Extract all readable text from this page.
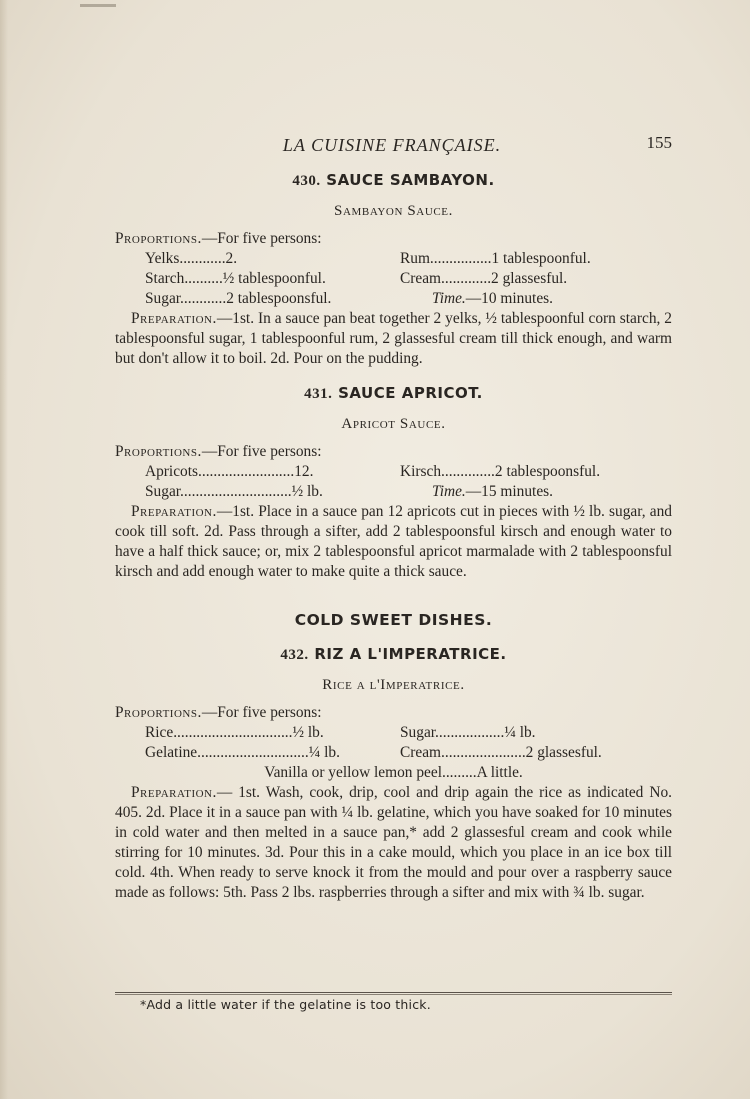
LA CUISINE FRANÇAISE.	155
430. SAUCE SAMBAYON.
Sambayon Sauce.
Proportions.—For five persons:
Yelks............2.	Rum................1 tablespoonful.
Starch..........½ tablespoonful.	Cream.............2 glassesful.
Sugar............2 tablespoonsful.	Time.—10 minutes.

Preparation.—1st. In a sauce pan beat together 2 yelks, ½ tablespoonful corn starch, 2 tablespoonsful sugar, 1 tablespoonful rum, 2 glassesful cream till thick enough, and warm but don't allow it to boil. 2d. Pour on the pudding.

431. SAUCE APRICOT.
Apricot Sauce.
Proportions.—For five persons:
Apricots.........................12.	Kirsch..............2 tablespoonsful.
Sugar.............................½ lb.	Time.—15 minutes.

Preparation.—1st. Place in a sauce pan 12 apricots cut in pieces with ½ lb. sugar, and cook till soft. 2d. Pass through a sifter, add 2 tablespoonsful kirsch and enough water to have a half thick sauce; or, mix 2 tablespoonsful apricot marmalade with 2 tablespoonsful kirsch and add enough water to make quite a thick sauce.

COLD SWEET DISHES.
432. RIZ A L'IMPERATRICE.
Rice a l'Imperatrice.
Proportions.—For five persons:
Rice...............................½ lb.	Sugar..................¼ lb.
Gelatine.............................¼ lb.	Cream......................2 glassesful.
Vanilla or yellow lemon peel.........A little.

Preparation.— 1st. Wash, cook, drip, cool and drip again the rice as indicated No. 405. 2d. Place it in a sauce pan with ¼ lb. gelatine, which you have soaked for 10 minutes in cold water and then melted in a sauce pan,* add 2 glassesful cream and cook while stirring for 10 minutes. 3d. Pour this in a cake mould, which you place in an ice box till cold. 4th. When ready to serve knock it from the mould and pour over a raspberry sauce made as follows: 5th. Pass 2 lbs. raspberries through a sifter and mix with ¾ lb. sugar.

*Add a little water if the gelatine is too thick.
